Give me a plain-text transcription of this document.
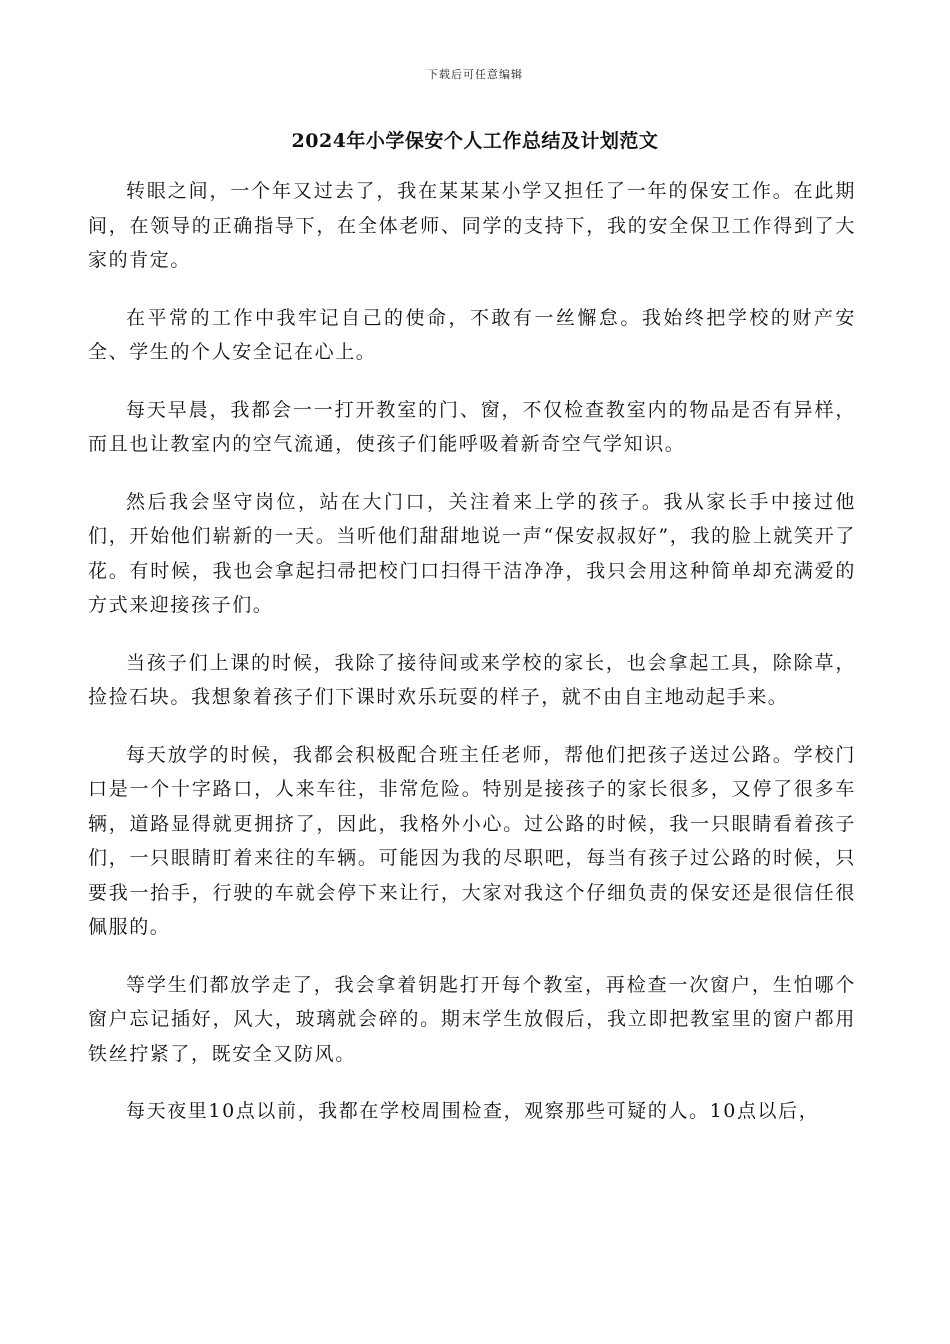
下载后可任意编辑
2024年小学保安个人工作总结及计划范文

转眼之间，一个年又过去了，我在某某某小学又担任了一年的保安工作。在此期间，在领导的正确指导下，在全体老师、同学的支持下，我的安全保卫工作得到了大家的肯定。

在平常的工作中我牢记自己的使命，不敢有一丝懈怠。我始终把学校的财产安全、学生的个人安全记在心上。

每天早晨，我都会一一打开教室的门、窗，不仅检查教室内的物品是否有异样，而且也让教室内的空气流通，使孩子们能呼吸着新奇空气学知识。

然后我会坚守岗位，站在大门口，关注着来上学的孩子。我从家长手中接过他们，开始他们崭新的一天。当听他们甜甜地说一声“保安叔叔好”，我的脸上就笑开了花。有时候，我也会拿起扫帚把校门口扫得干洁净净，我只会用这种简单却充满爱的方式来迎接孩子们。

当孩子们上课的时候，我除了接待间或来学校的家长，也会拿起工具，除除草，捡捡石块。我想象着孩子们下课时欢乐玩耍的样子，就不由自主地动起手来。

每天放学的时候，我都会积极配合班主任老师，帮他们把孩子送过公路。学校门口是一个十字路口，人来车往，非常危险。特别是接孩子的家长很多，又停了很多车辆，道路显得就更拥挤了，因此，我格外小心。过公路的时候，我一只眼睛看着孩子们，一只眼睛盯着来往的车辆。可能因为我的尽职吧，每当有孩子过公路的时候，只要我一抬手，行驶的车就会停下来让行，大家对我这个仔细负责的保安还是很信任很佩服的。

等学生们都放学走了，我会拿着钥匙打开每个教室，再检查一次窗户，生怕哪个窗户忘记插好，风大，玻璃就会碎的。期末学生放假后，我立即把教室里的窗户都用铁丝拧紧了，既安全又防风。

每天夜里10点以前，我都在学校周围检查，观察那些可疑的人。10点以后，
